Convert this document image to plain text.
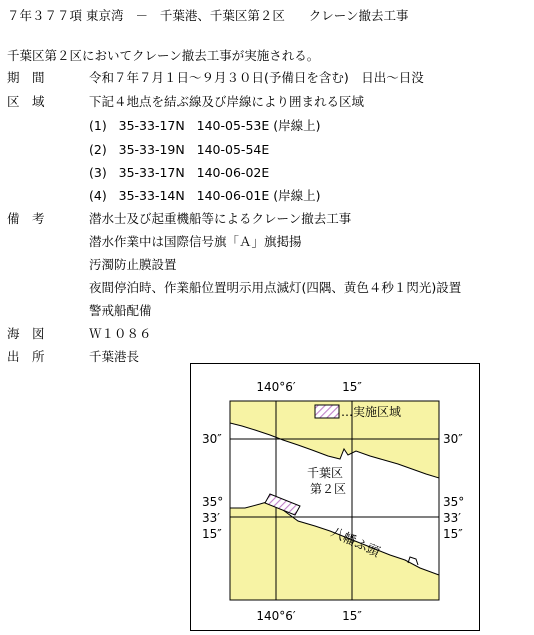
７年３７７項 東京湾 － 千葉港、千葉区第２区 クレーン撤去工事
千葉区第２区においてクレーン撤去工事が実施される。
期　間	令和７年７月１日～９月３０日(予備日を含む)　日出～日没
区　域	下記４地点を結ぶ線及び岸線により囲まれる区域
(1) 35-33-17N 140-05-53E (岸線上)
(2) 35-33-19N 140-05-54E
(3) 35-33-17N 140-06-02E
(4) 35-33-14N 140-06-01E (岸線上)
備　考	潜水士及び起重機船等によるクレーン撤去工事
潜水作業中は国際信号旗「Ａ」旗掲揚
汚濁防止膜設置
夜間停泊時、作業船位置明示用点滅灯(四隅、黄色４秒１閃光)設置
警戒船配備
海　図	Ｗ１０８６
出　所	千葉港長
…実施区域
140°6′	15″
140°6′	15″
30″	30″
35°
33′
15″
35°
33′
15″
千葉区
第２区
八幡ふ頭
